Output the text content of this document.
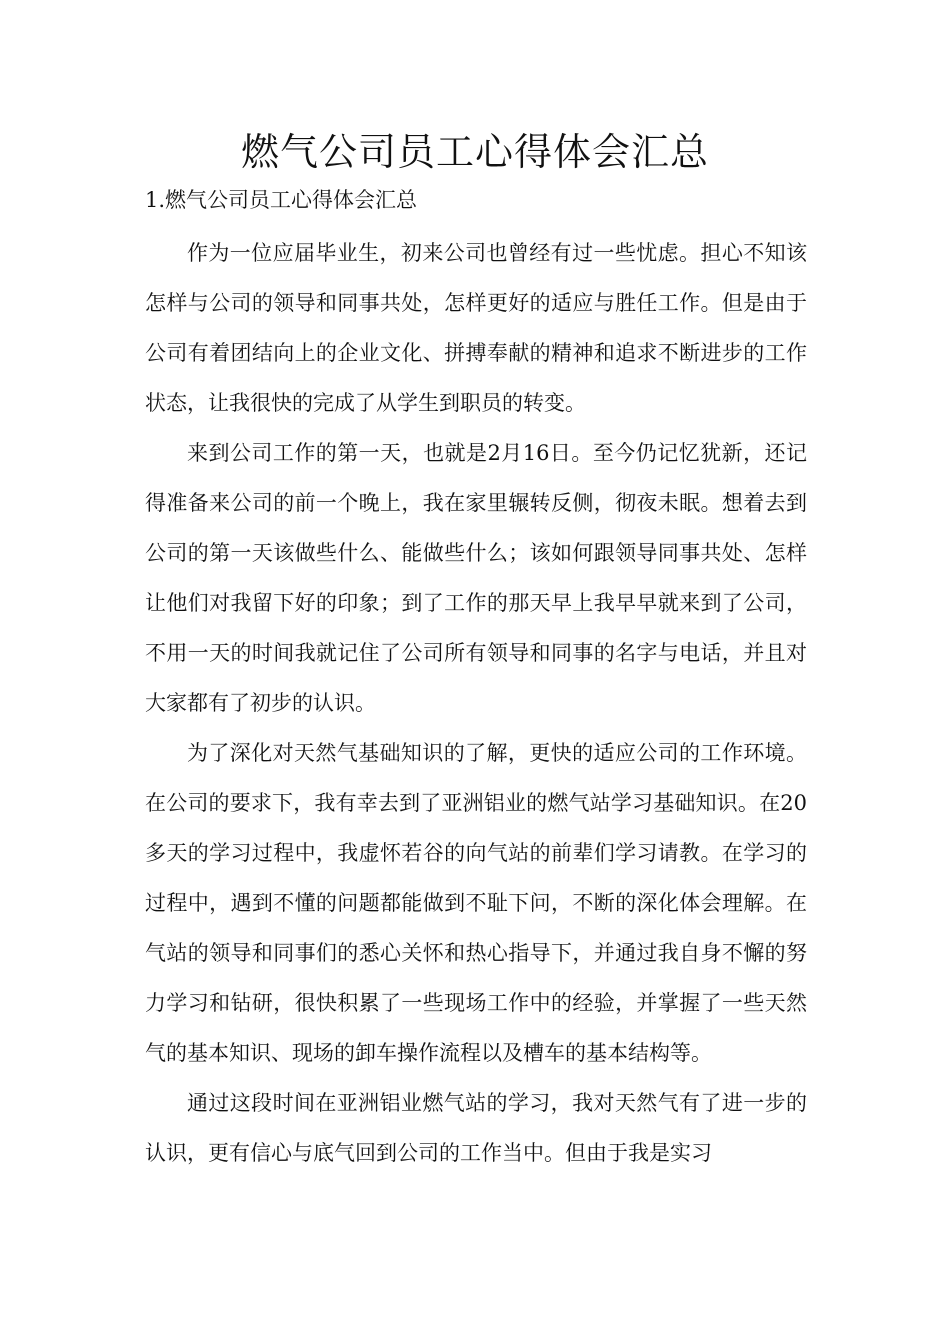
燃气公司员工心得体会汇总
1.燃气公司员工心得体会汇总

作为一位应届毕业生，初来公司也曾经有过一些忧虑。担心不知该怎样与公司的领导和同事共处，怎样更好的适应与胜任工作。但是由于公司有着团结向上的企业文化、拼搏奉献的精神和追求不断进步的工作状态，让我很快的完成了从学生到职员的转变。

来到公司工作的第一天，也就是2月16日。至今仍记忆犹新，还记得准备来公司的前一个晚上，我在家里辗转反侧，彻夜未眠。想着去到公司的第一天该做些什么、能做些什么；该如何跟领导同事共处、怎样让他们对我留下好的印象；到了工作的那天早上我早早就来到了公司，不用一天的时间我就记住了公司所有领导和同事的名字与电话，并且对大家都有了初步的认识。

为了深化对天然气基础知识的了解，更快的适应公司的工作环境。在公司的要求下，我有幸去到了亚洲铝业的燃气站学习基础知识。在20多天的学习过程中，我虚怀若谷的向气站的前辈们学习请教。在学习的过程中，遇到不懂的问题都能做到不耻下问，不断的深化体会理解。在气站的领导和同事们的悉心关怀和热心指导下，并通过我自身不懈的努力学习和钻研，很快积累了一些现场工作中的经验，并掌握了一些天然气的基本知识、现场的卸车操作流程以及槽车的基本结构等。

通过这段时间在亚洲铝业燃气站的学习，我对天然气有了进一步的认识，更有信心与底气回到公司的工作当中。但由于我是实习
